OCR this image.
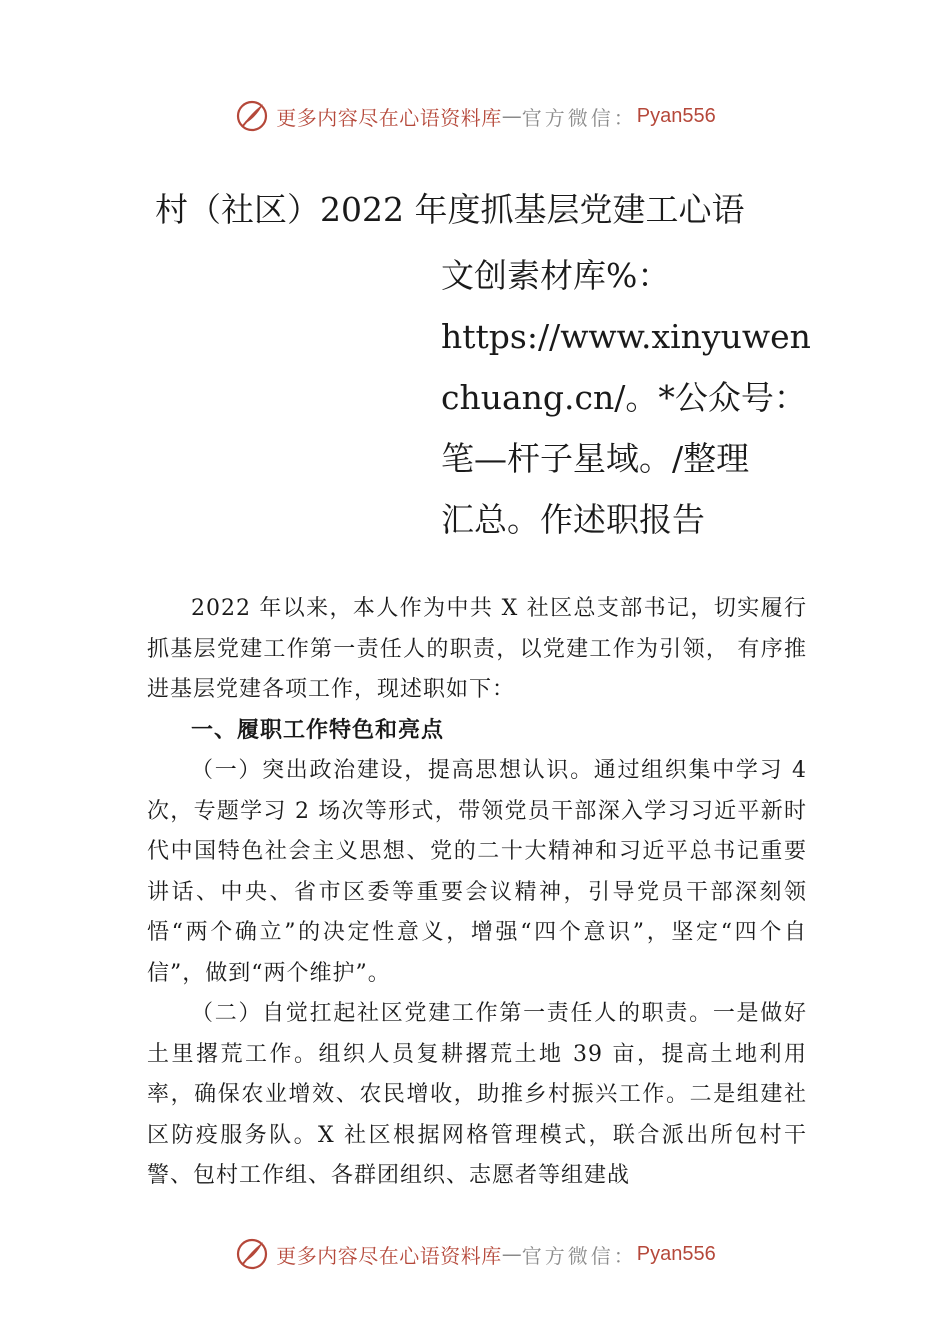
更多内容尽在心语资料库 — 官方微信： Pyan556
村（社区）2022 年度抓基层党建工心语
文创素材库%：
https://www.xinyuwen
chuang.cn/。*公众号：
笔—杆子星域。/整理
汇总。作述职报告

2022 年以来，本人作为中共 X 社区总支部书记，切实履行抓基层党建工作第一责任人的职责，以党建工作为引领， 有序推进基层党建各项工作，现述职如下：

一、履职工作特色和亮点

（一）突出政治建设，提高思想认识。通过组织集中学习 4 次，专题学习 2 场次等形式，带领党员干部深入学习习近平新时代中国特色社会主义思想、党的二十大精神和习近平总书记重要讲话、中央、省市区委等重要会议精神，引导党员干部深刻领悟“两个确立”的决定性意义，增强“四个意识”，坚定“四个自信”，做到“两个维护”。

（二）自觉扛起社区党建工作第一责任人的职责。一是做好土里撂荒工作。组织人员复耕撂荒土地 39 亩，提高土地利用率，确保农业增效、农民增收，助推乡村振兴工作。二是组建社区防疫服务队。X 社区根据网格管理模式，联合派出所包村干警、包村工作组、各群团组织、志愿者等组建战

更多内容尽在心语资料库 — 官方微信： Pyan556
